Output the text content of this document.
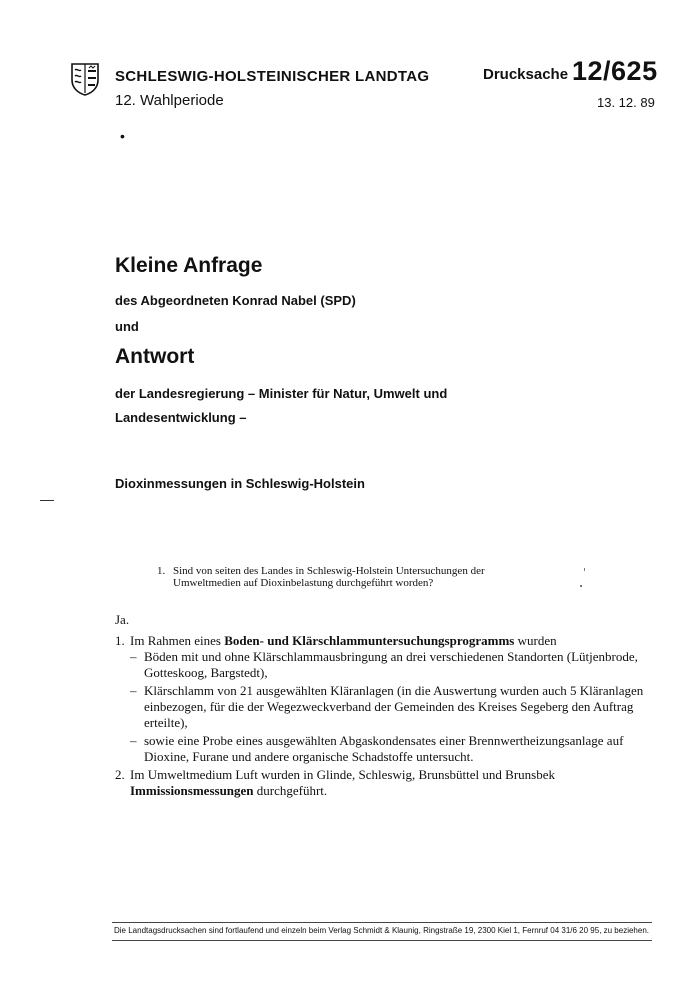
SCHLESWIG-HOLSTEINISCHER LANDTAG
12. Wahlperiode
Drucksache 12/625
13. 12. 89
•
Kleine Anfrage
des Abgeordneten Konrad Nabel (SPD)
und
Antwort
der Landesregierung – Minister für Natur, Umwelt und Landesentwicklung –
Dioxinmessungen in Schleswig-Holstein
1. Sind von seiten des Landes in Schleswig-Holstein Untersuchungen der Umweltmedien auf Dioxinbelastung durchgeführt worden?

Ja.

1. Im Rahmen eines Boden- und Klärschlammuntersuchungsprogramms wurden
– Böden mit und ohne Klärschlammausbringung an drei verschiedenen Standorten (Lütjenbrode, Gotteskoog, Bargstedt),
– Klärschlamm von 21 ausgewählten Kläranlagen (in die Auswertung wurden auch 5 Kläranlagen einbezogen, für die der Wegezweckverband der Gemeinden des Kreises Segeberg den Auftrag erteilte),
– sowie eine Probe eines ausgewählten Abgaskondensates einer Brennwertheizungsanlage auf Dioxine, Furane und andere organische Schadstoffe untersucht.
2. Im Umweltmedium Luft wurden in Glinde, Schleswig, Brunsbüttel und Brunsbek Immissionsmessungen durchgeführt.
Die Landtagsdrucksachen sind fortlaufend und einzeln beim Verlag Schmidt & Klaunig, Ringstraße 19, 2300 Kiel 1, Fernruf 04 31/6 20 95, zu beziehen.
